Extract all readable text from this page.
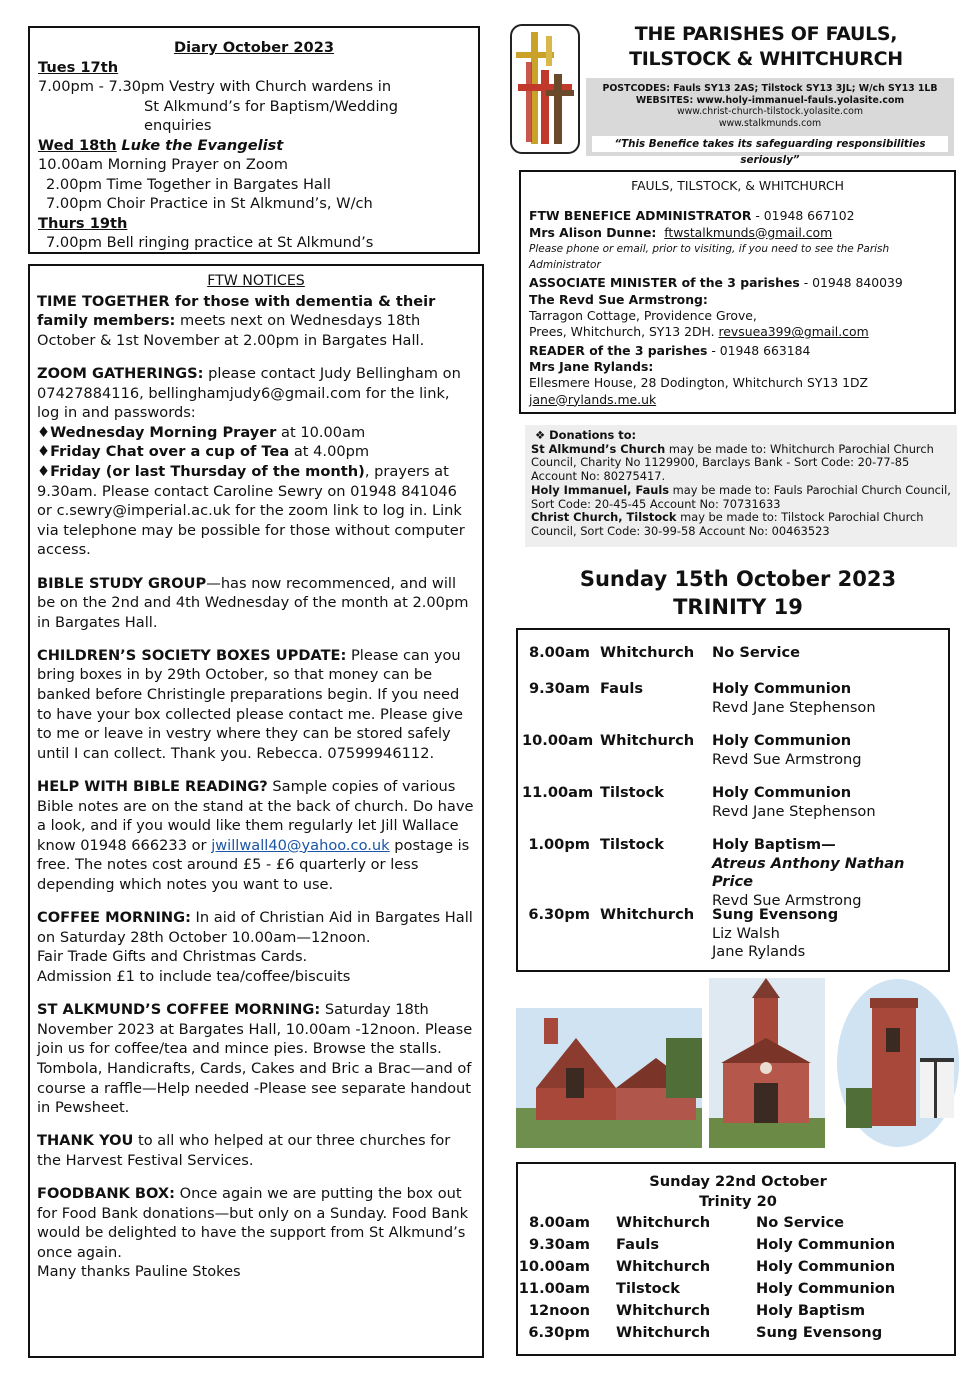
Diary October 2023
Tues 17th
7.00pm - 7.30pm Vestry with Church wardens in
St Alkmund’s for Baptism/Wedding enquiries
Wed 18th Luke the Evangelist
10.00am Morning Prayer on Zoom
2.00pm Time Together in Bargates Hall
7.00pm Choir Practice in St Alkmund’s, W/ch
Thurs 19th
7.00pm Bell ringing practice at St Alkmund’s
FTW NOTICES

TIME TOGETHER for those with dementia & their family members: meets next on Wednesdays 18th October & 1st November at 2.00pm in Bargates Hall.

ZOOM GATHERINGS: please contact Judy Bellingham on 07427884116, bellinghamjudy6@gmail.com for the link, log in and passwords:
♦Wednesday Morning Prayer at 10.00am
♦Friday Chat over a cup of Tea at 4.00pm
♦Friday (or last Thursday of the month), prayers at 9.30am. Please contact Caroline Sewry on 01948 841046 or c.sewry@imperial.ac.uk for the zoom link to log in. Link via telephone may be possible for those without computer access.

BIBLE STUDY GROUP—has now recommenced, and will be on the 2nd and 4th Wednesday of the month at 2.00pm in Bargates Hall.

CHILDREN’S SOCIETY BOXES UPDATE: Please can you bring boxes in by 29th October, so that money can be banked before Christingle preparations begin. If you need to have your box collected please contact me. Please give to me or leave in vestry where they can be stored safely until I can collect. Thank you. Rebecca. 07599946112.

HELP WITH BIBLE READING? Sample copies of various Bible notes are on the stand at the back of church. Do have a look, and if you would like them regularly let Jill Wallace know 01948 666233 or jwillwall40@yahoo.co.uk postage is free. The notes cost around £5 - £6 quarterly or less depending which notes you want to use.

COFFEE MORNING: In aid of Christian Aid in Bargates Hall on Saturday 28th October 10.00am—12noon.
Fair Trade Gifts and Christmas Cards.
Admission £1 to include tea/coffee/biscuits

ST ALKMUND’S COFFEE MORNING: Saturday 18th November 2023 at Bargates Hall, 10.00am -12noon. Please join us for coffee/tea and mince pies. Browse the stalls. Tombola, Handicrafts, Cards, Cakes and Bric a Brac—and of course a raffle—Help needed -Please see separate handout in Pewsheet.

THANK YOU to all who helped at our three churches for the Harvest Festival Services.

FOODBANK BOX: Once again we are putting the box out for Food Bank donations—but only on a Sunday. Food Bank would be delighted to have the support from St Alkmund’s once again.
Many thanks Pauline Stokes

THE PARISHES OF FAULS,
TILSTOCK & WHITCHURCH
POSTCODES: Fauls SY13 2AS; Tilstock SY13 3JL; W/ch SY13 1LB
WEBSITES: www.holy-immanuel-fauls.yolasite.com
www.christ-church-tilstock.yolasite.com
www.stalkmunds.com
“This Benefice takes its safeguarding responsibilities seriously”
FAULS, TILSTOCK, & WHITCHURCH
FTW BENEFICE ADMINISTRATOR - 01948 667102
Mrs Alison Dunne: ftwstalkmunds@gmail.com
Please phone or email, prior to visiting, if you need to see the Parish Administrator
ASSOCIATE MINISTER of the 3 parishes - 01948 840039
The Revd Sue Armstrong:
Tarragon Cottage, Providence Grove,
Prees, Whitchurch, SY13 2DH. revsuea399@gmail.com
READER of the 3 parishes - 01948 663184
Mrs Jane Rylands:
Ellesmere House, 28 Dodington, Whitchurch SY13 1DZ
jane@rylands.me.uk
❖ Donations to:
St Alkmund’s Church may be made to: Whitchurch Parochial Church Council, Charity No 1129900, Barclays Bank - Sort Code: 20-77-85 Account No: 80275417.
Holy Immanuel, Fauls may be made to: Fauls Parochial Church Council, Sort Code: 20-45-45 Account No: 70731633
Christ Church, Tilstock may be made to: Tilstock Parochial Church Council, Sort Code: 30-99-58 Account No: 00463523
Sunday 15th October 2023
TRINITY 19
8.00am Whitchurch No Service
9.30am Fauls	Holy Communion
Revd Jane Stephenson
10.00am Whitchurch Holy Communion
Revd Sue Armstrong
11.00am Tilstock	Holy Communion
Revd Jane Stephenson
1.00pm Tilstock	Holy Baptism—
Atreus Anthony Nathan Price
Revd Sue Armstrong
6.30pm Whitchurch Sung Evensong
Liz Walsh
Jane Rylands
Sunday 22nd October
Trinity 20
8.00am Whitchurch	No Service
9.30am Fauls	Holy Communion
10.00am Whitchurch	Holy Communion
11.00am Tilstock	Holy Communion
12noon Whitchurch	Holy Baptism
6.30pm Whitchurch	Sung Evensong
